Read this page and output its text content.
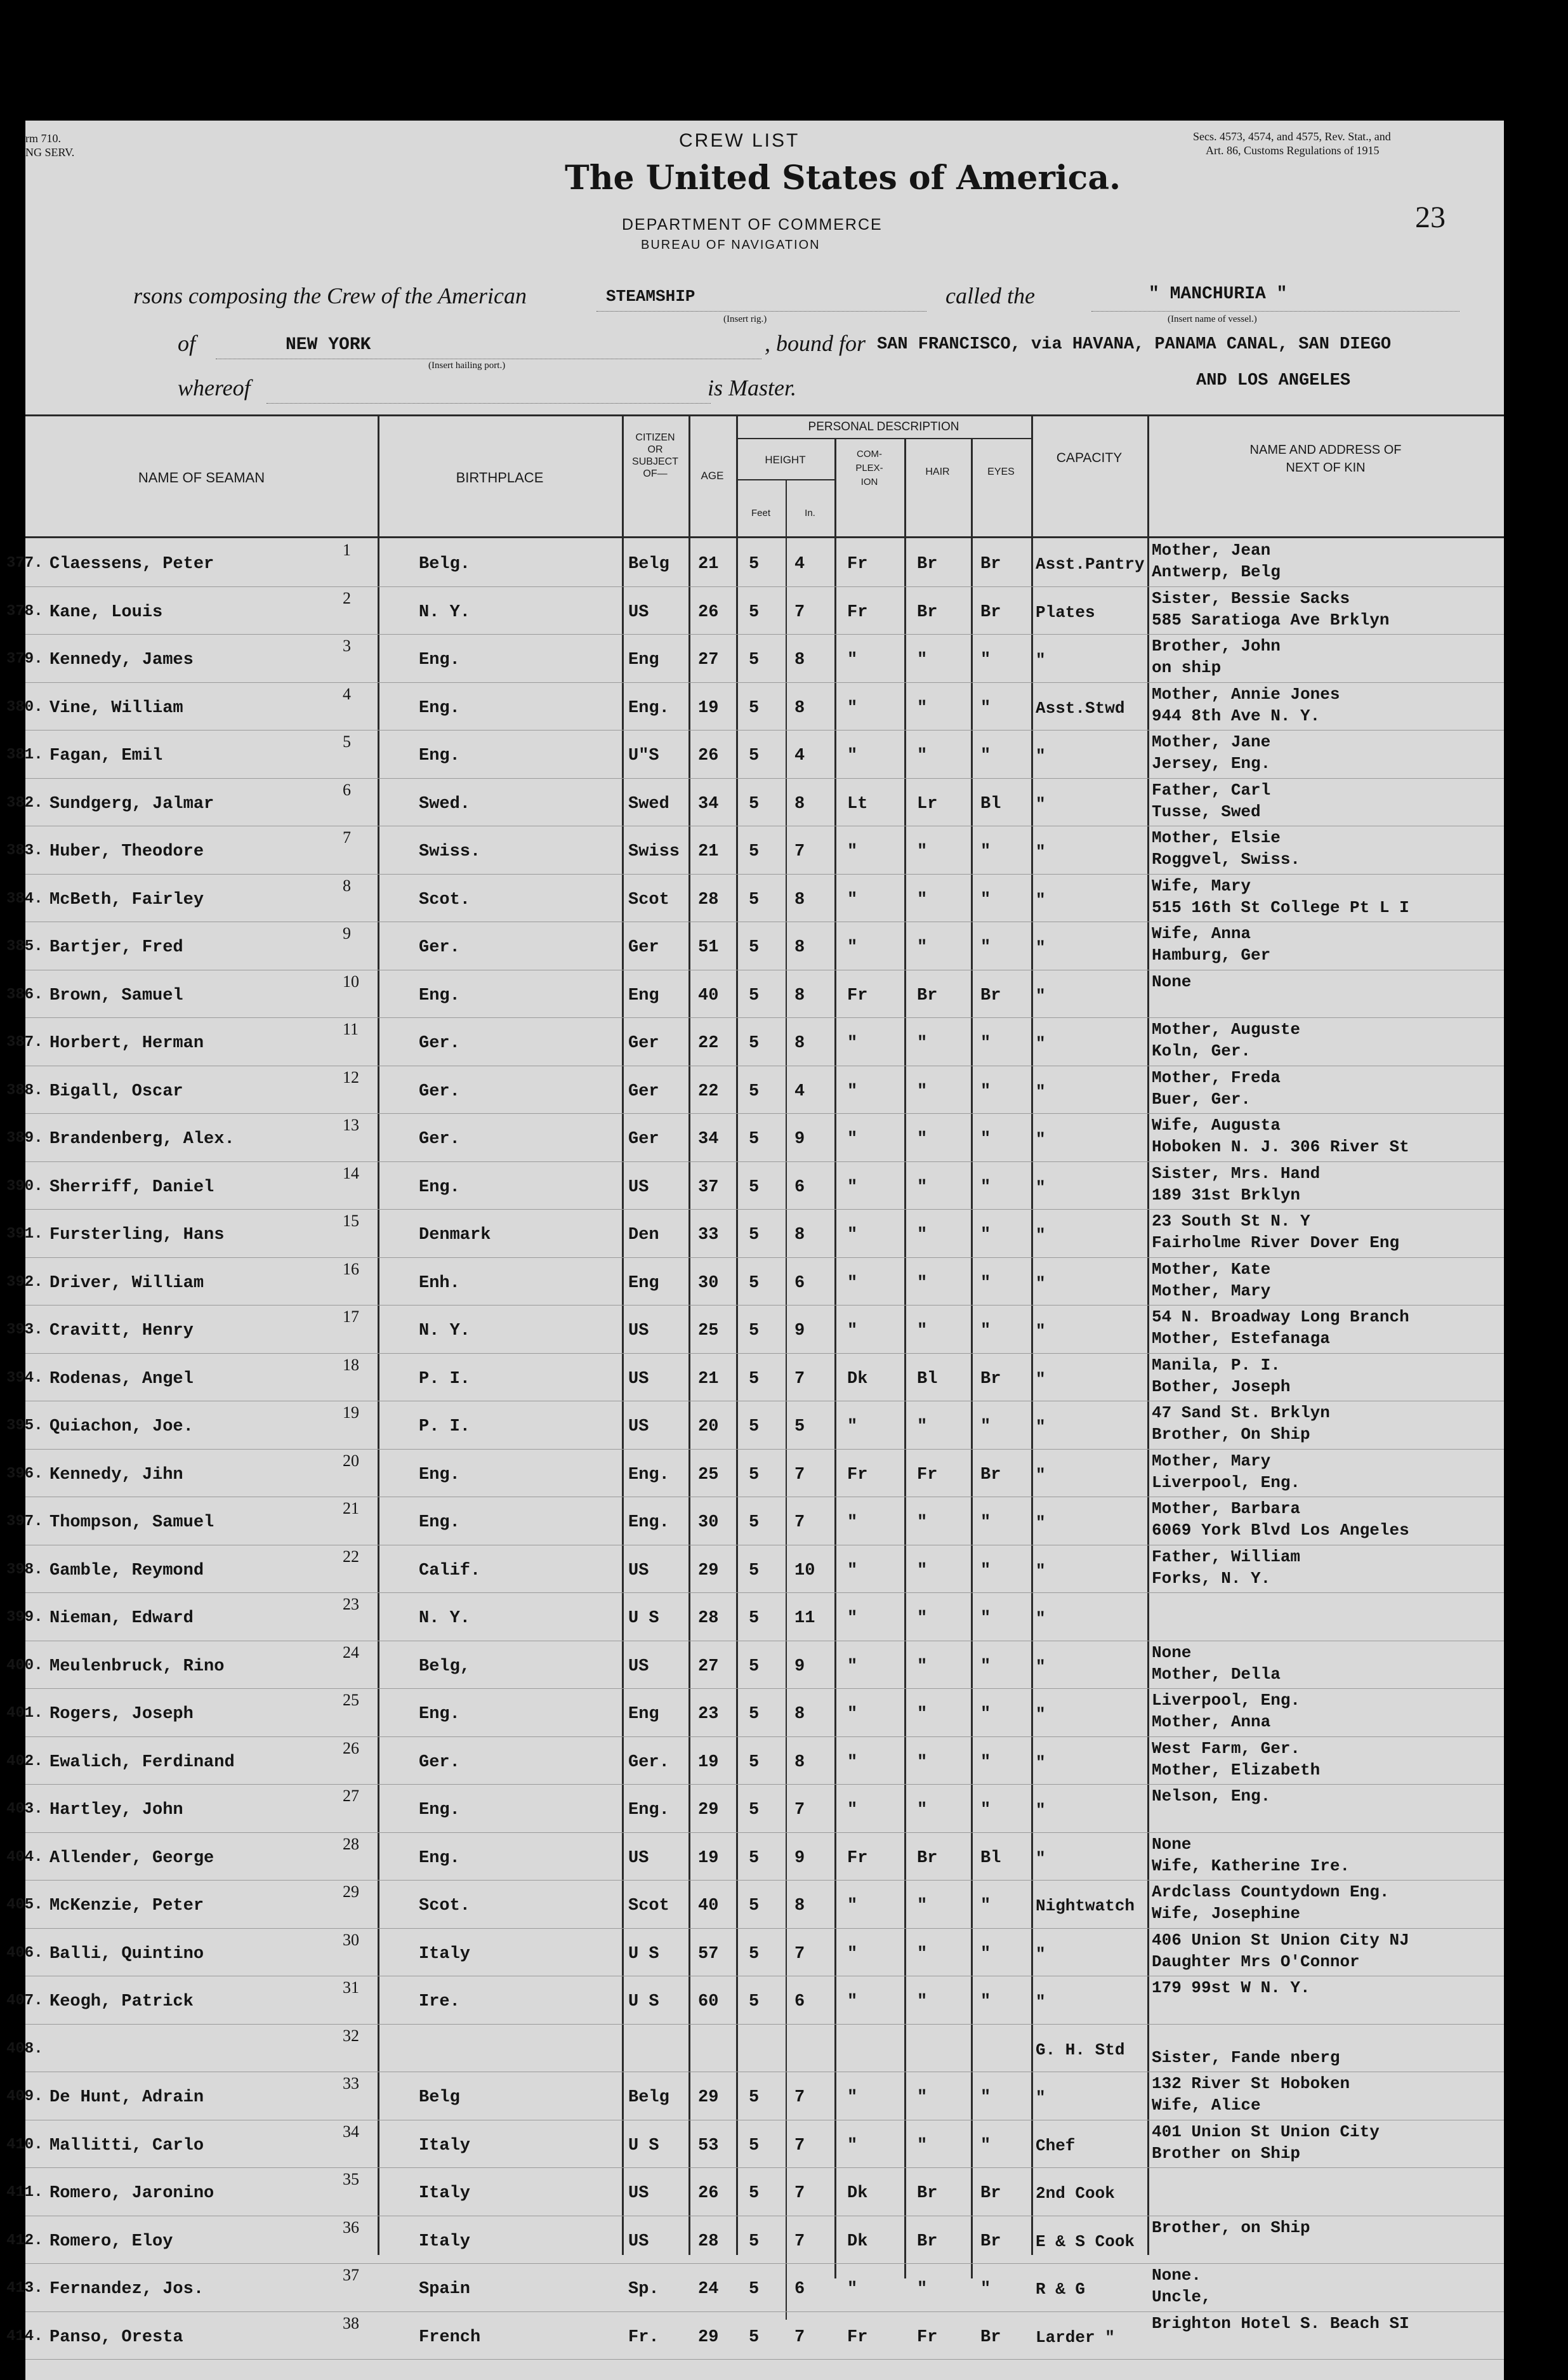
CREW LIST
The United States of America.
DEPARTMENT OF COMMERCE
BUREAU OF NAVIGATION
rm 710.
NG SERV.
Secs. 4573, 4574, and 4575, Rev. Stat., and
Art. 86, Customs Regulations of 1915
23
rsons composing the Crew of the American	STEAMSHIP
(Insert rig.)
called the	" MANCHURIA "
(Insert name of vessel.)
of	NEW YORK
(Insert hailing port.)
, bound for SAN FRANCISCO, via HAVANA, PANAMA CANAL, SAN DIEGO
whereof	is Master.	AND LOS ANGELES
NAME OF SEAMAN	BIRTHPLACE
CITIZEN
OR
SUBJECT
OF—	AGE
PERSONAL DESCRIPTION
HEIGHT
Feet	In.
COM-
PLEX-
ION
HAIR	EYES
CAPACITY
NAME AND ADDRESS OF
NEXT OF KIN
377. Claessens, Peter
1
Belg.	Belg 21 5 4 Fr	Br	Br Asst.Pantry
Mother, Jean
Antwerp, Belg
378. Kane, Louis
2
N. Y.	US	26 5 7 Fr	Br	Br Plates
Sister, Bessie Sacks
585 Saratioga Ave Brklyn
379. Kennedy, James
3
Eng.	Eng 27 5 8 "	"	"	"
Brother, John
on ship
380. Vine, William
4
Eng.	Eng. 19 5 8 "	"	"	Asst.Stwd
Mother, Annie Jones
944 8th Ave N. Y.
381. Fagan, Emil
5
Eng.	U"S 26 5 4 "	"	"	"
Mother, Jane
Jersey, Eng.
382. Sundgerg, Jalmar
6
Swed.	Swed 34 5 8 Lt	Lr	Bl "
Father, Carl
Tusse, Swed
383. Huber, Theodore
7
Swiss.	Swiss 21 5 7 "	"	"	"
Mother, Elsie
Roggvel, Swiss.
384. McBeth, Fairley
8
Scot.	Scot 28 5 8 "	"	"	"
Wife, Mary
515 16th St College Pt L I
385. Bartjer, Fred
9
Ger.	Ger 51 5 8 "	"	"	"
Wife, Anna
Hamburg, Ger
386. Brown, Samuel
10
Eng.	Eng 40 5 8 Fr	Br	Br "
None
387. Horbert, Herman
11
Ger.	Ger 22 5 8 "	"	"	"
Mother, Auguste
Koln, Ger.
388. Bigall, Oscar
12
Ger.	Ger 22 5 4 "	"	"	"
Mother, Freda
Buer, Ger.
389. Brandenberg, Alex.
13
Ger.	Ger 34 5 9 "	"	"	"
Wife, Augusta
Hoboken N. J. 306 River St
390. Sherriff, Daniel
14
Eng.	US	37 5 6 "	"	"	"
Sister, Mrs. Hand
189 31st Brklyn
391. Fursterling, Hans
15
Denmark	Den 33 5 8 "	"	"	"
23 South St N. Y
Fairholme River Dover Eng
392. Driver, William
16
Enh.	Eng 30 5 6 "	"	"	"
Mother, Kate
Mother, Mary
393. Cravitt, Henry
17
N. Y.	US	25 5 9 "	"	"	"
54 N. Broadway Long Branch
Mother, Estefanaga
394. Rodenas, Angel
18
P. I.	US	21 5 7 Dk	Bl	Br "
Manila, P. I.
Bother, Joseph
395. Quiachon, Joe.
19
P. I.	US	20 5 5 "	"	"	"
47 Sand St. Brklyn
Brother, On Ship
396. Kennedy, Jihn
20
Eng.	Eng. 25 5 7 Fr	Fr	Br "
Mother, Mary
Liverpool, Eng.
397. Thompson, Samuel
21
Eng.	Eng. 30 5 7 "	"	"	"
Mother, Barbara
6069 York Blvd Los Angeles
398. Gamble, Reymond
22
Calif.	US	29 5 10 "	"	"	"
Father, William
Forks, N. Y.
399. Nieman, Edward
23
N. Y.	U S 28 5 11 "	"	"	"
400. Meulenbruck, Rino
24
Belg,	US	27 5 9 "	"	"	"
None
Mother, Della
401. Rogers, Joseph
25
Eng.	Eng 23 5 8 "	"	"	"
Liverpool, Eng.
Mother, Anna
402. Ewalich, Ferdinand
26
Ger.	Ger. 19 5 8 "	"	"	"
West Farm, Ger.
Mother, Elizabeth
403. Hartley, John
27
Eng.	Eng. 29 5 7 "	"	"	"
Nelson, Eng.
404. Allender, George
28
Eng.	US	19 5 9 Fr	Br	Bl "
None
Wife, Katherine Ire.
405. McKenzie, Peter
29
Scot.	Scot 40 5 8 "	"	"	Nightwatch
Ardclass Countydown Eng.
Wife, Josephine
406. Balli, Quintino
30
Italy	U S 57 5 7 "	"	"	"
406 Union St Union City NJ
Daughter Mrs O'Connor
407. Keogh, Patrick
31
Ire.	U S 60 5 6 "	"	"	"
179 99st W N. Y.
408.
32
G. H. Std Sister, Fande nberg
409. De Hunt, Adrain
33
Belg	Belg 29 5 7 "	"	"	"
132 River St Hoboken
Wife, Alice
410. Mallitti, Carlo
34
Italy	U S 53 5 7 "	"	"	Chef
401 Union St Union City
Brother on Ship
411. Romero, Jaronino
35
Italy	US	26 5 7 Dk	Br	Br 2nd Cook
412. Romero, Eloy
36
Italy	US	28 5 7 Dk	Br	Br E & S Cook
Brother, on Ship
413. Fernandez, Jos.
37
Spain	Sp. 24 5 6 "	"	"	R & G
None.
Uncle,
414. Panso, Oresta
38
French	Fr. 29 5 7 Fr	Fr	Br Larder "
Brighton Hotel S. Beach SI
